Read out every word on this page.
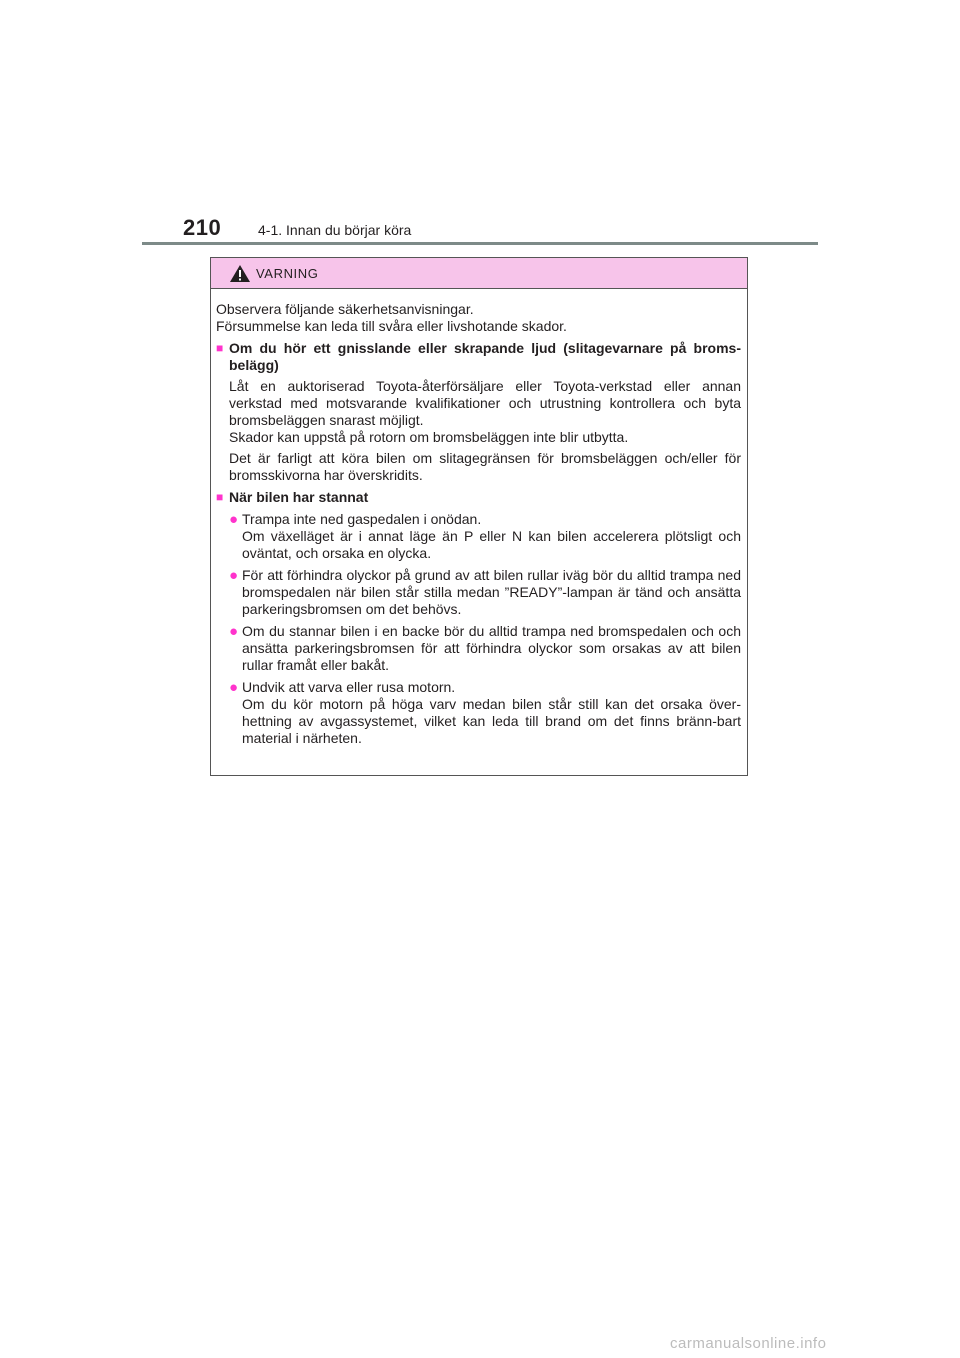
210	4-1. Innan du börjar köra
VARNING

Observera följande säkerhetsanvisningar.

Försummelse kan leda till svåra eller livshotande skador.

■ Om du hör ett gnisslande eller skrapande ljud (slitagevarnare på broms-belägg)

Låt en auktoriserad Toyota-återförsäljare eller Toyota-verkstad eller annan verkstad med motsvarande kvalifikationer och utrustning kontrollera och byta bromsbeläggen snarast möjligt.

Skador kan uppstå på rotorn om bromsbeläggen inte blir utbytta.

Det är farligt att köra bilen om slitagegränsen för bromsbeläggen och/eller för bromsskivorna har överskridits.

■ När bilen har stannat
● Trampa inte ned gaspedalen i onödan.

Om växelläget är i annat läge än P eller N kan bilen accelerera plötsligt och oväntat, och orsaka en olycka.

● För att förhindra olyckor på grund av att bilen rullar iväg bör du alltid trampa ned bromspedalen när bilen står stilla medan ”READY”-lampan är tänd och ansätta parkeringsbromsen om det behövs.

● Om du stannar bilen i en backe bör du alltid trampa ned bromspedalen och och ansätta parkeringsbromsen för att förhindra olyckor som orsakas av att bilen rullar framåt eller bakåt.

● Undvik att varva eller rusa motorn.

Om du kör motorn på höga varv medan bilen står still kan det orsaka över-hettning av avgassystemet, vilket kan leda till brand om det finns bränn-bart material i närheten.

carmanualsonline.info
